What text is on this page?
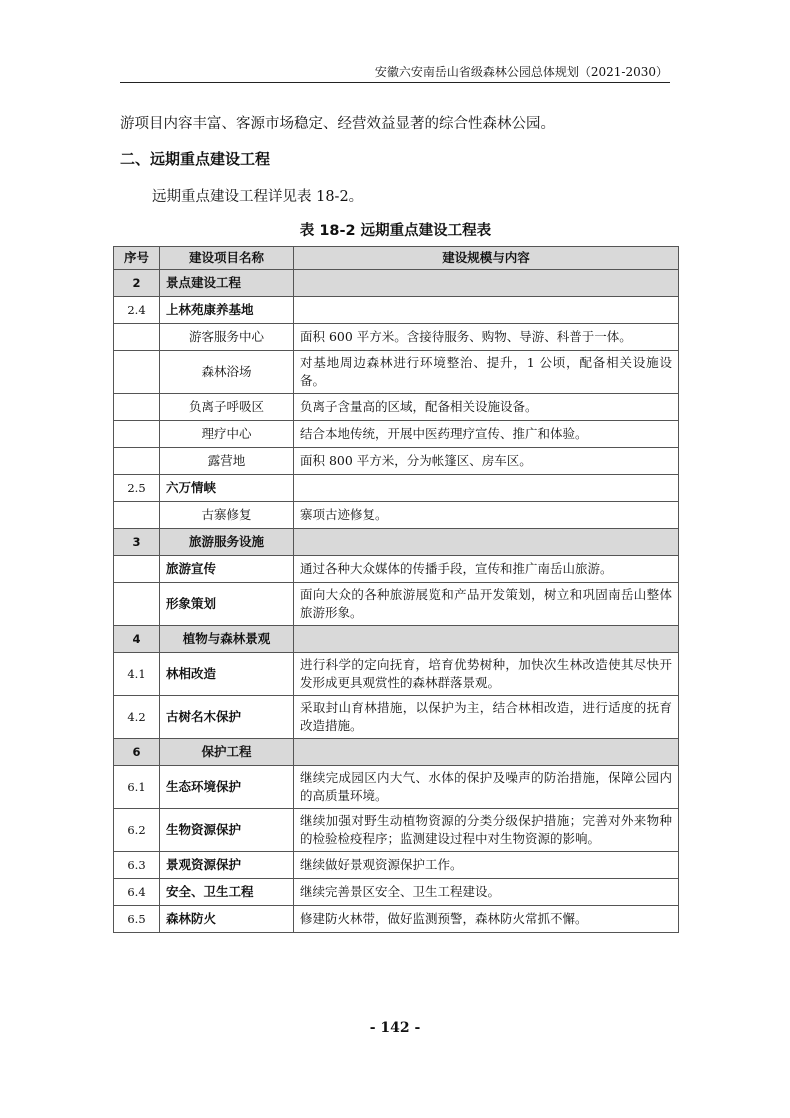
安徽六安南岳山省级森林公园总体规划（2021-2030）
游项目内容丰富、客源市场稳定、经营效益显著的综合性森林公园。
二、远期重点建设工程
远期重点建设工程详见表 18-2。
表 18-2 远期重点建设工程表
序号	建设项目名称	建设规模与内容
2	景点建设工程	
2.4	上林苑康养基地	
	游客服务中心	面积 600 平方米。含接待服务、购物、导游、科普于一体。
	森林浴场	对基地周边森林进行环境整治、提升，1 公顷，配备相关设施设备。
	负离子呼吸区	负离子含量高的区域，配备相关设施设备。
	理疗中心	结合本地传统，开展中医药理疗宣传、推广和体验。
	露营地	面积 800 平方米，分为帐篷区、房车区。
2.5	六万情峡	
	古寨修复	寨项古迹修复。
3	旅游服务设施	
	旅游宣传	通过各种大众媒体的传播手段，宣传和推广南岳山旅游。
	形象策划	面向大众的各种旅游展览和产品开发策划，树立和巩固南岳山整体旅游形象。
4	植物与森林景观	
4.1	林相改造	进行科学的定向抚育，培育优势树种，加快次生林改造使其尽快开发形成更具观赏性的森林群落景观。
4.2	古树名木保护	采取封山育林措施，以保护为主，结合林相改造，进行适度的抚育改造措施。
6	保护工程	
6.1	生态环境保护	继续完成园区内大气、水体的保护及噪声的防治措施，保障公园内的高质量环境。
6.2	生物资源保护	继续加强对野生动植物资源的分类分级保护措施；完善对外来物种的检验检疫程序；监测建设过程中对生物资源的影响。
6.3	景观资源保护	继续做好景观资源保护工作。
6.4	安全、卫生工程	继续完善景区安全、卫生工程建设。
6.5	森林防火	修建防火林带，做好监测预警，森林防火常抓不懈。
- 142 -
